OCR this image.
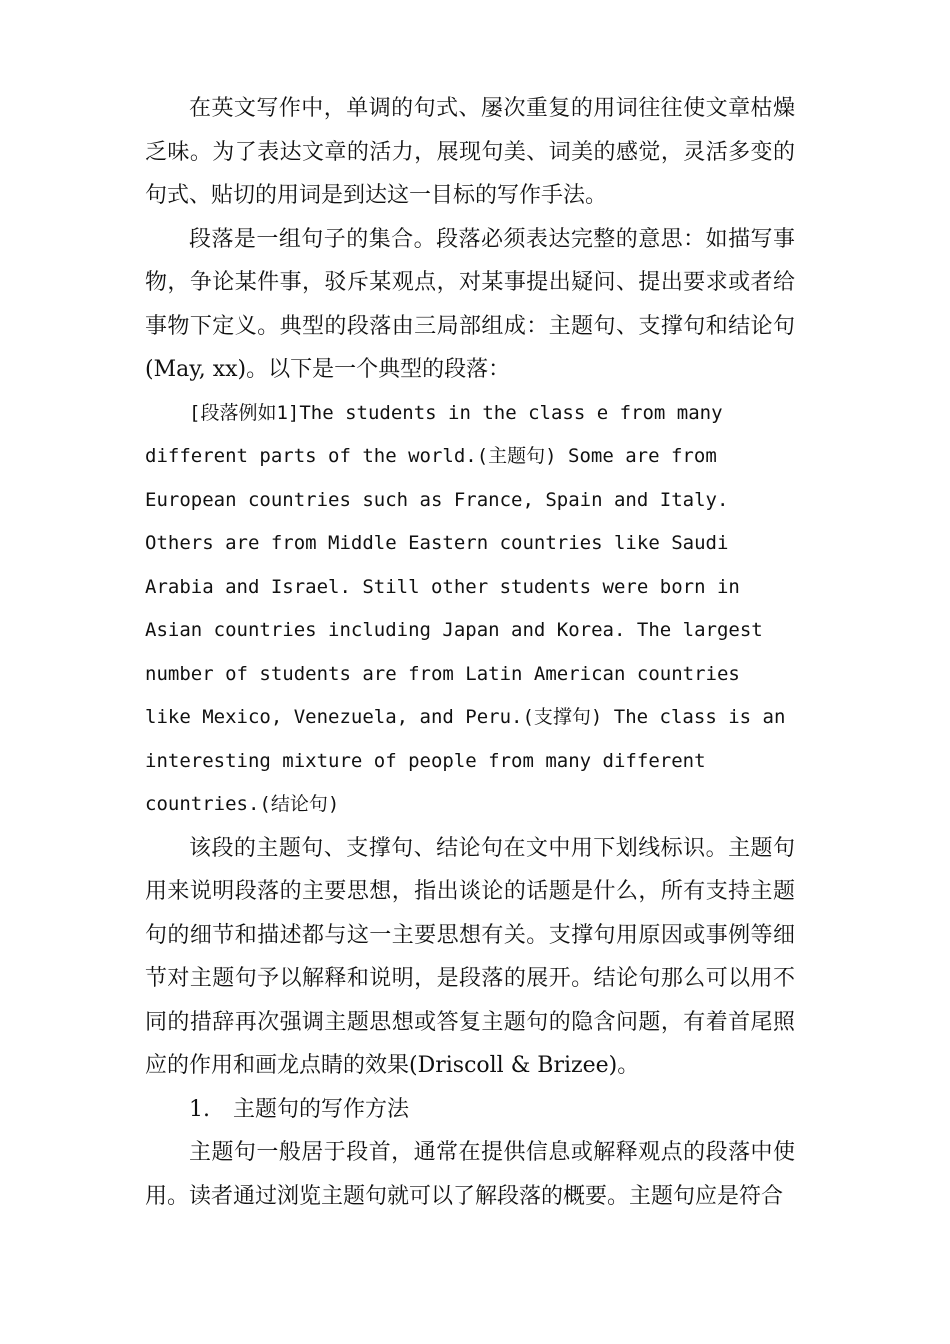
在英文写作中，单调的句式、屡次重复的用词往往使文章枯燥乏味。为了表达文章的活力，展现句美、词美的感觉，灵活多变的句式、贴切的用词是到达这一目标的写作手法。

段落是一组句子的集合。段落必须表达完整的意思：如描写事物，争论某件事，驳斥某观点，对某事提出疑问、提出要求或者给事物下定义。典型的段落由三局部组成：主题句、支撑句和结论句(May, xx)。以下是一个典型的段落：

[段落例如1]The students in the class e from many different parts of the world.(主题句) Some are from European countries such as France, Spain and Italy. Others are from Middle Eastern countries like Saudi Arabia and Israel. Still other students were born in Asian countries including Japan and Korea. The largest number of students are from Latin American countries like Mexico, Venezuela, and Peru.(支撑句) The class is an interesting mixture of people from many different countries.(结论句)

该段的主题句、支撑句、结论句在文中用下划线标识。主题句用来说明段落的主要思想，指出谈论的话题是什么，所有支持主题句的细节和描述都与这一主要思想有关。支撑句用原因或事例等细节对主题句予以解释和说明，是段落的展开。结论句那么可以用不同的措辞再次强调主题思想或答复主题句的隐含问题，有着首尾照应的作用和画龙点睛的效果(Driscoll & Brizee)。

1. 主题句的写作方法

主题句一般居于段首，通常在提供信息或解释观点的段落中使用。读者通过浏览主题句就可以了解段落的概要。主题句应是符合
